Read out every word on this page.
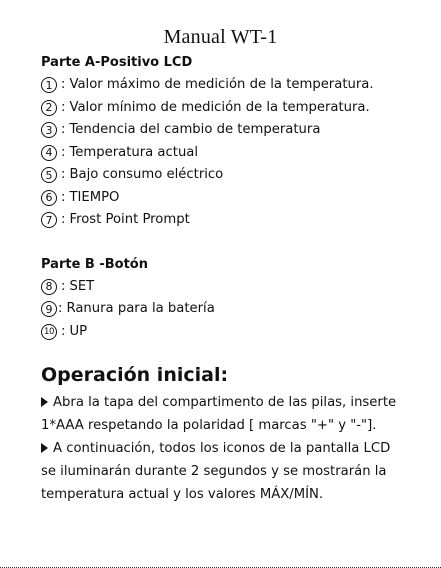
Manual WT-1
Parte A-Positivo LCD
1 : Valor máximo de medición de la temperatura.
2 : Valor mínimo de medición de la temperatura.
3 : Tendencia del cambio de temperatura
4 : Temperatura actual
5 : Bajo consumo eléctrico
6 : TIEMPO
7 : Frost Point Prompt
Parte B -Botón
8 : SET
9 : Ranura para la batería
10 : UP
Operación inicial:
Abra la tapa del compartimento de las pilas, inserte
1*AAA respetando la polaridad [ marcas "+" y "-"].
A continuación, todos los iconos de la pantalla LCD
se iluminarán durante 2 segundos y se mostrarán la
temperatura actual y los valores MÁX/MÍN.
